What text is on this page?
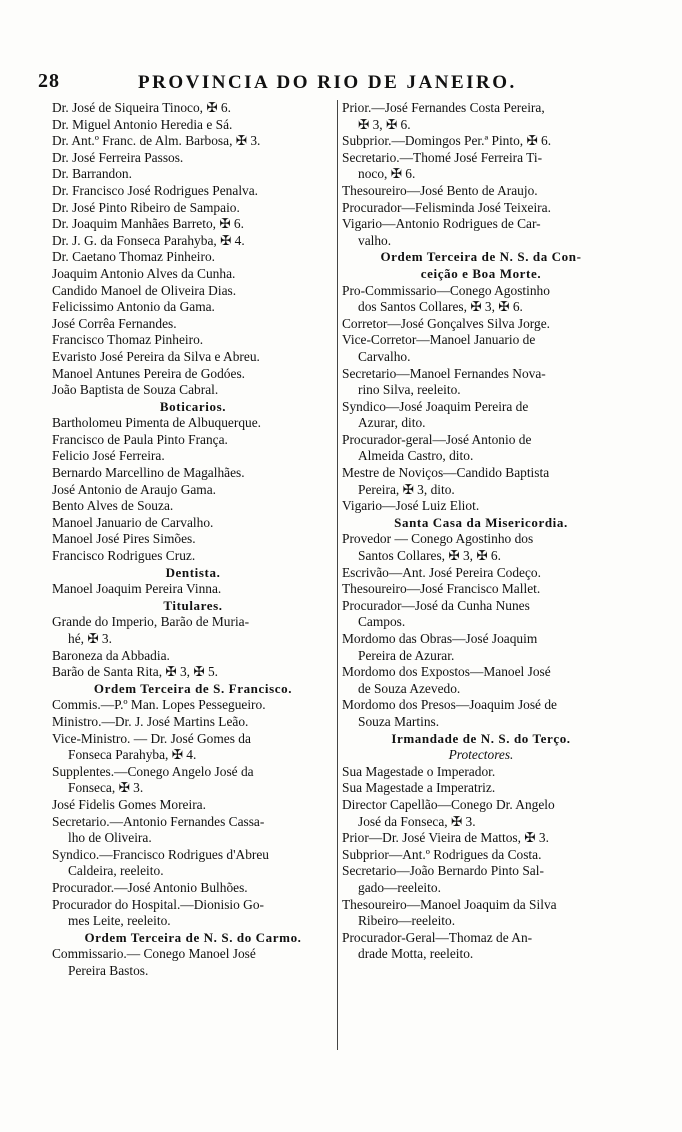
28	PROVINCIA DO RIO DE JANEIRO.
Dr. José de Siqueira Tinoco, ✠ 6.
Dr. Miguel Antonio Heredia e Sá.
Dr. Ant.º Franc. de Alm. Barbosa, ✠ 3.
Dr. José Ferreira Passos.
Dr. Barrandon.
Dr. Francisco José Rodrigues Penalva.
Dr. José Pinto Ribeiro de Sampaio.
Dr. Joaquim Manhães Barreto, ✠ 6.
Dr. J. G. da Fonseca Parahyba, ✠ 4.
Dr. Caetano Thomaz Pinheiro.
Joaquim Antonio Alves da Cunha.
Candido Manoel de Oliveira Dias.
Felicissimo Antonio da Gama.
José Corrêa Fernandes.
Francisco Thomaz Pinheiro.
Evaristo José Pereira da Silva e Abreu.
Manoel Antunes Pereira de Godóes.
João Baptista de Souza Cabral.
Boticarios.
Bartholomeu Pimenta de Albuquerque.
Francisco de Paula Pinto França.
Felicio José Ferreira.
Bernardo Marcellino de Magalhães.
José Antonio de Araujo Gama.
Bento Alves de Souza.
Manoel Januario de Carvalho.
Manoel José Pires Simões.
Francisco Rodrigues Cruz.
Dentista.
Manoel Joaquim Pereira Vinna.
Titulares.
Grande do Imperio, Barão de Muria-
hé, ✠ 3.
Baroneza da Abbadia.
Barão de Santa Rita, ✠ 3, ✠ 5.
Ordem Terceira de S. Francisco.
Commis.—P.º Man. Lopes Pessegueiro.
Ministro.—Dr. J. José Martins Leão.
Vice-Ministro. — Dr. José Gomes da
Fonseca Parahyba, ✠ 4.
Supplentes.—Conego Angelo José da
Fonseca, ✠ 3.
José Fidelis Gomes Moreira.
Secretario.—Antonio Fernandes Cassa-
lho de Oliveira.
Syndico.—Francisco Rodrigues d'Abreu
Caldeira, reeleito.
Procurador.—José Antonio Bulhões.
Procurador do Hospital.—Dionisio Go-
mes Leite, reeleito.
Ordem Terceira de N. S. do Carmo.
Commissario.— Conego Manoel José
Pereira Bastos.
Prior.—José Fernandes Costa Pereira,
✠ 3, ✠ 6.
Subprior.—Domingos Per.ª Pinto, ✠ 6.
Secretario.—Thomé José Ferreira Ti-
noco, ✠ 6.
Thesoureiro—José Bento de Araujo.
Procurador—Felisminda José Teixeira.
Vigario—Antonio Rodrigues de Car-
valho.
Ordem Terceira de N. S. da Con-
ceição e Boa Morte.
Pro-Commissario—Conego Agostinho
dos Santos Collares, ✠ 3, ✠ 6.
Corretor—José Gonçalves Silva Jorge.
Vice-Corretor—Manoel Januario de
Carvalho.
Secretario—Manoel Fernandes Nova-
rino Silva, reeleito.
Syndico—José Joaquim Pereira de
Azurar, dito.
Procurador-geral—José Antonio de
Almeida Castro, dito.
Mestre de Noviços—Candido Baptista
Pereira, ✠ 3, dito.
Vigario—José Luiz Eliot.
Santa Casa da Misericordia.
Provedor — Conego Agostinho dos
Santos Collares, ✠ 3, ✠ 6.
Escrivão—Ant. José Pereira Codeço.
Thesoureiro—José Francisco Mallet.
Procurador—José da Cunha Nunes
Campos.
Mordomo das Obras—José Joaquim
Pereira de Azurar.
Mordomo dos Expostos—Manoel José
de Souza Azevedo.
Mordomo dos Presos—Joaquim José de
Souza Martins.
Irmandade de N. S. do Terço.
Protectores.
Sua Magestade o Imperador.
Sua Magestade a Imperatriz.
Director Capellão—Conego Dr. Angelo
José da Fonseca, ✠ 3.
Prior—Dr. José Vieira de Mattos, ✠ 3.
Subprior—Ant.º Rodrigues da Costa.
Secretario—João Bernardo Pinto Sal-
gado—reeleito.
Thesoureiro—Manoel Joaquim da Silva
Ribeiro—reeleito.
Procurador-Geral—Thomaz de An-
drade Motta, reeleito.
